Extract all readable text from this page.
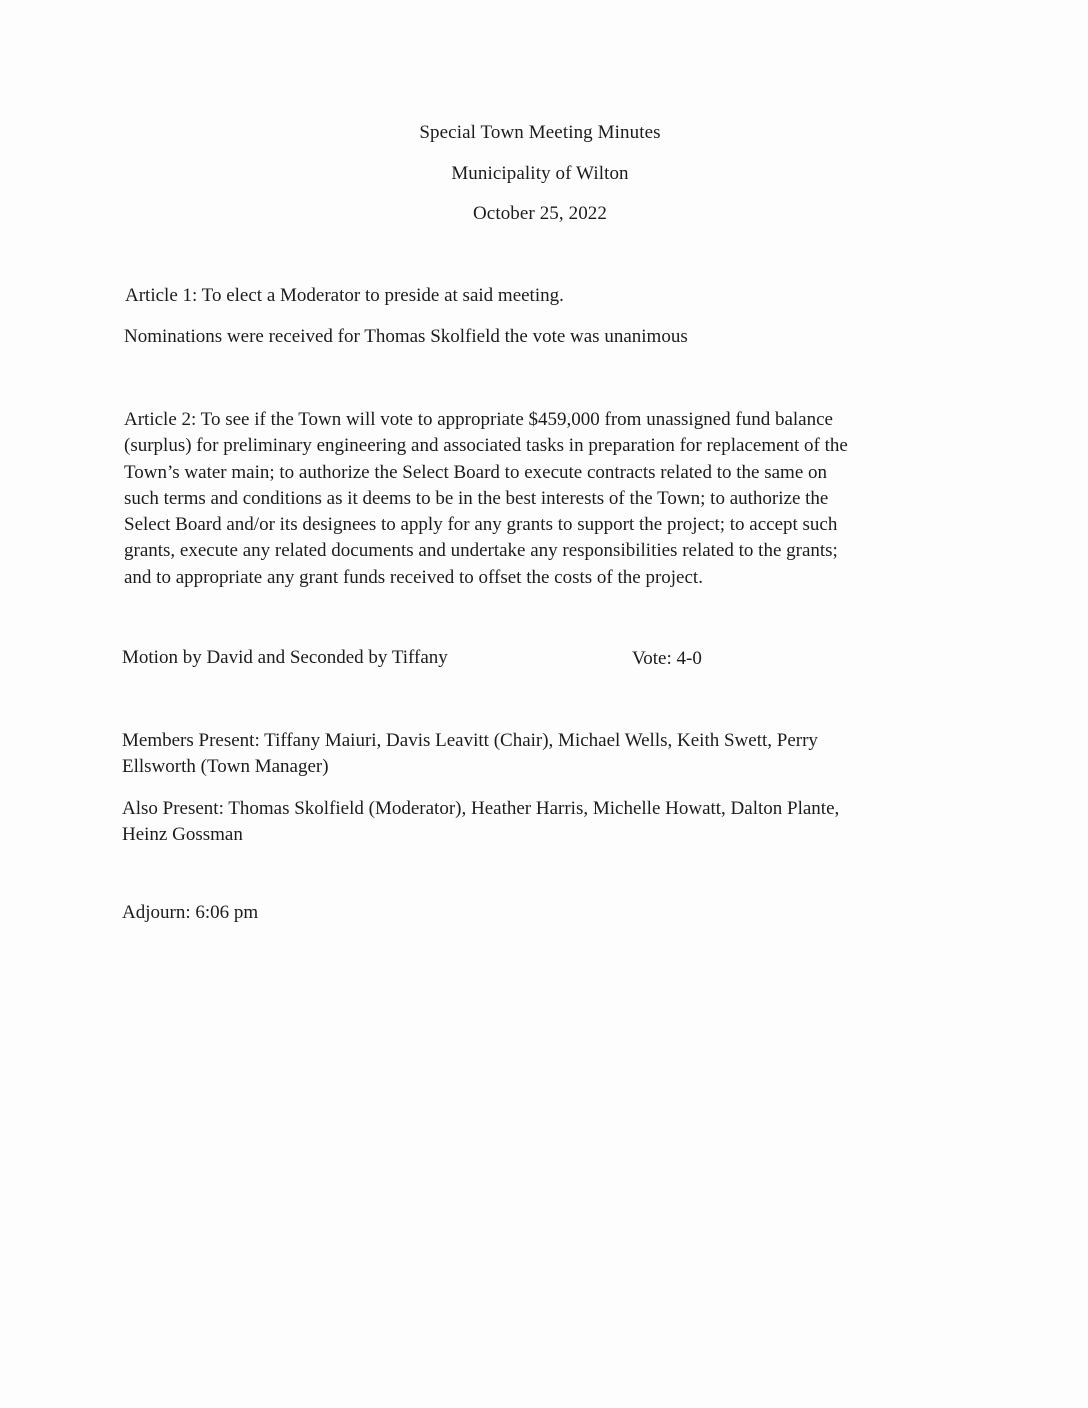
Special Town Meeting Minutes
Municipality of Wilton
October 25, 2022
Article 1: To elect a Moderator to preside at said meeting.
Nominations were received for Thomas Skolfield the vote was unanimous
Article 2: To see if the Town will vote to appropriate $459,000 from unassigned fund balance
(surplus) for preliminary engineering and associated tasks in preparation for replacement of the
Town’s water main; to authorize the Select Board to execute contracts related to the same on
such terms and conditions as it deems to be in the best interests of the Town; to authorize the
Select Board and/or its designees to apply for any grants to support the project; to accept such
grants, execute any related documents and undertake any responsibilities related to the grants;
and to appropriate any grant funds received to offset the costs of the project.
Motion by David and Seconded by Tiffany	Vote: 4-0
Members Present: Tiffany Maiuri, Davis Leavitt (Chair), Michael Wells, Keith Swett, Perry
Ellsworth (Town Manager)
Also Present: Thomas Skolfield (Moderator), Heather Harris, Michelle Howatt, Dalton Plante,
Heinz Gossman
Adjourn: 6:06 pm
